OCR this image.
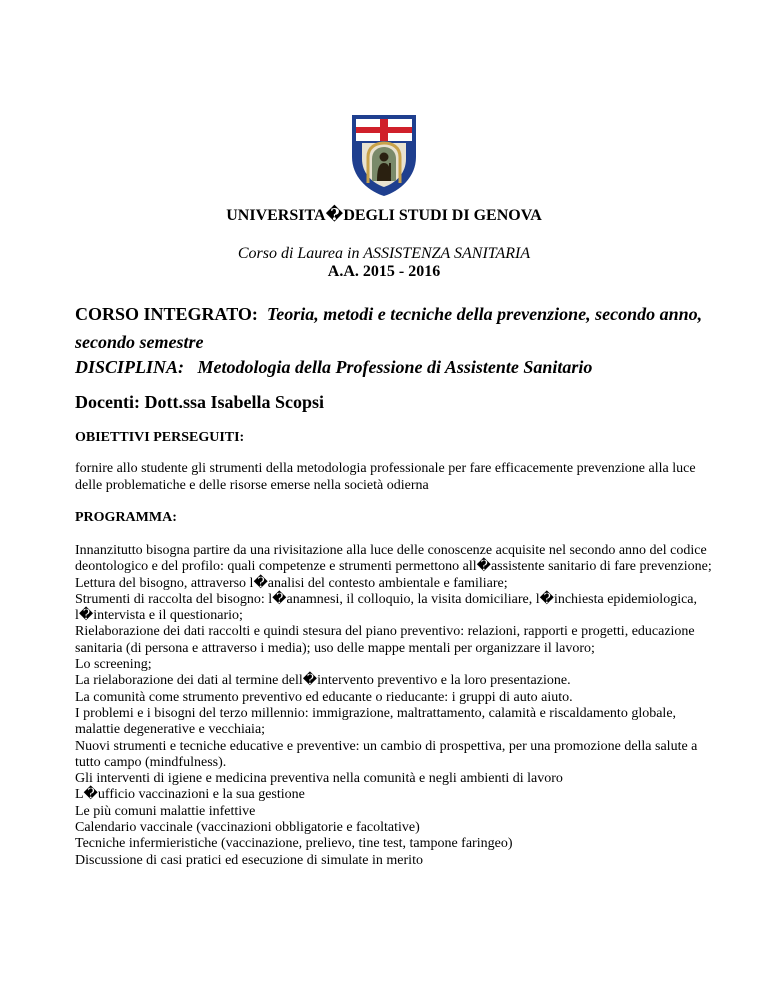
UNIVERSITA�DEGLI STUDI DI GENOVA
Corso di Laurea in ASSISTENZA SANITARIA
A.A. 2015 - 2016
CORSO INTEGRATO: Teoria, metodi e tecniche della prevenzione, secondo anno, secondo semestre
DISCIPLINA: Metodologia della Professione di Assistente Sanitario
Docenti: Dott.ssa Isabella Scopsi
OBIETTIVI PERSEGUITI:
fornire allo studente gli strumenti della metodologia professionale per fare efficacemente prevenzione alla luce delle problematiche e delle risorse emerse nella società odierna
PROGRAMMA:
Innanzitutto bisogna partire da una rivisitazione alla luce delle conoscenze acquisite nel secondo anno del codice deontologico e del profilo: quali competenze e strumenti permettono all�assistente sanitario di fare prevenzione;
Lettura del bisogno, attraverso l�analisi del contesto ambientale e familiare;
Strumenti di raccolta del bisogno: l�anamnesi, il colloquio, la visita domiciliare, l�inchiesta epidemiologica, l�intervista e il questionario;
Rielaborazione dei dati raccolti e quindi stesura del piano preventivo: relazioni, rapporti e progetti, educazione sanitaria (di persona e attraverso i media); uso delle mappe mentali per organizzare il lavoro;
Lo screening;
La rielaborazione dei dati al termine dell�intervento preventivo e la loro presentazione.
La comunità come strumento preventivo ed educante o rieducante: i gruppi di auto aiuto.
I problemi e i bisogni del terzo millennio: immigrazione, maltrattamento, calamità e riscaldamento globale, malattie degenerative e vecchiaia;
Nuovi strumenti e tecniche educative e preventive: un cambio di prospettiva, per una promozione della salute a tutto campo (mindfulness).
Gli interventi di igiene e medicina preventiva nella comunità e negli ambienti di lavoro
L�ufficio vaccinazioni e la sua gestione
Le più comuni malattie infettive
Calendario vaccinale (vaccinazioni obbligatorie e facoltative)
Tecniche infermieristiche (vaccinazione, prelievo, tine test, tampone faringeo)
Discussione di casi pratici ed esecuzione di simulate in merito
